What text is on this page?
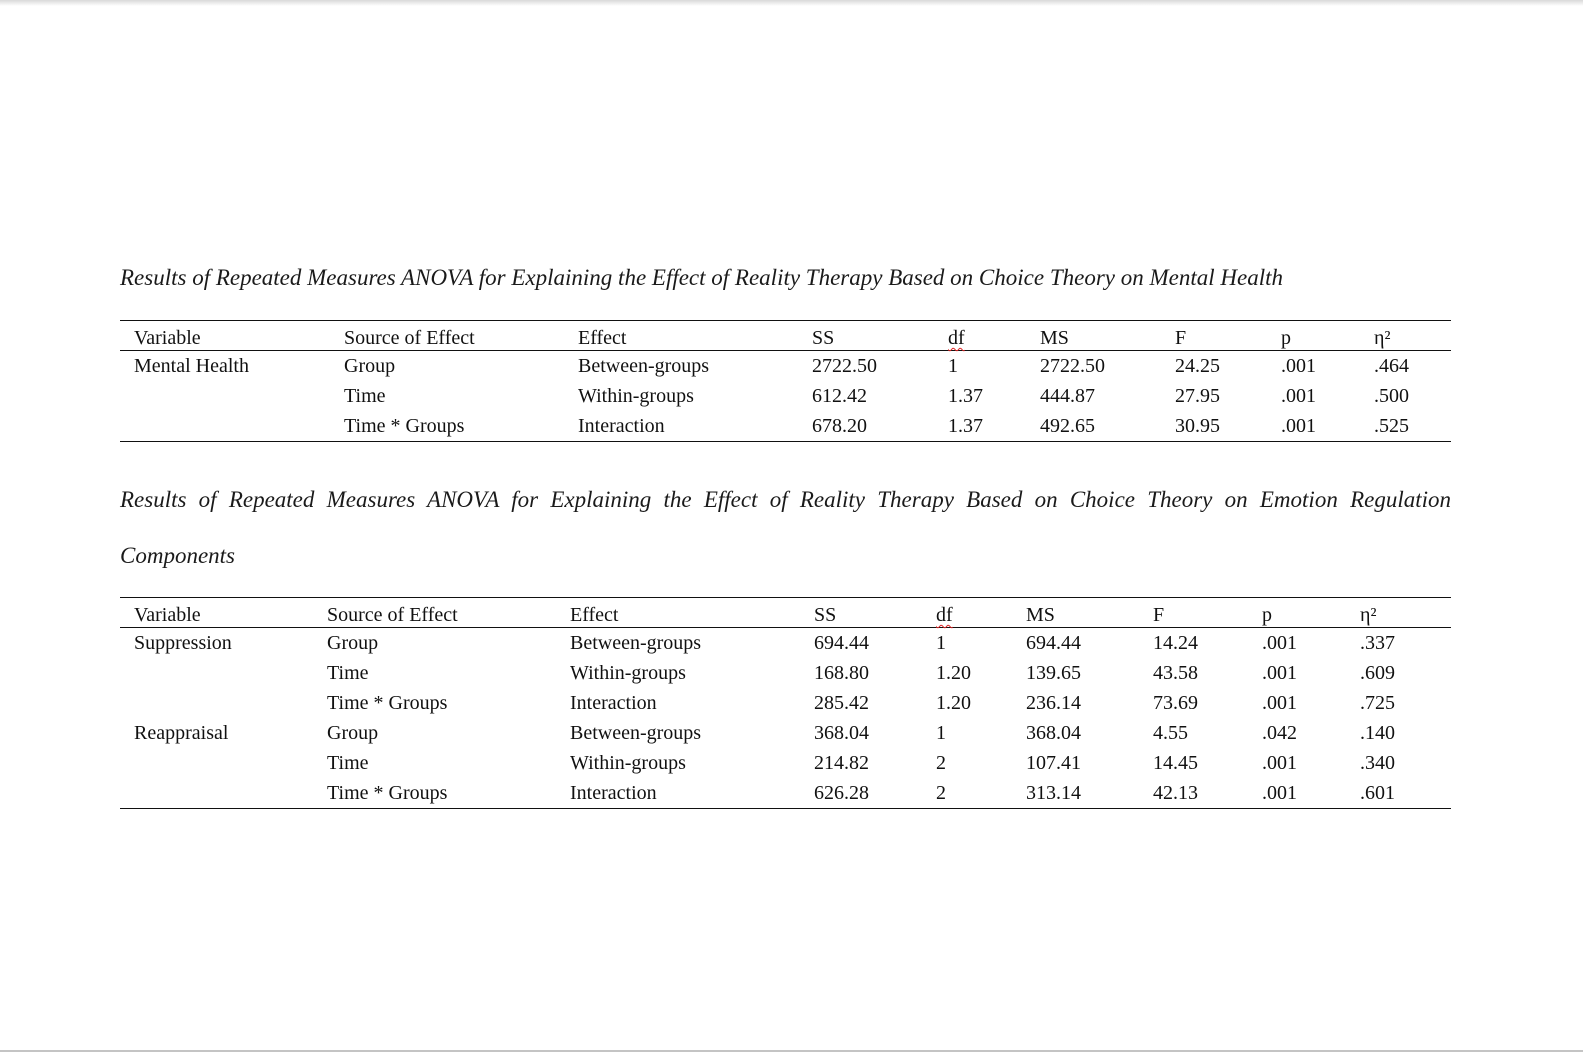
Results of Repeated Measures ANOVA for Explaining the Effect of Reality Therapy Based on Choice Theory on Mental Health
Variable	Source of Effect	Effect	SS	df	MS	F	p	η²
Mental Health	Group	Between-groups	2722.50	1	2722.50	24.25	.001	.464
	Time	Within-groups	612.42	1.37	444.87	27.95	.001	.500
	Time * Groups	Interaction	678.20	1.37	492.65	30.95	.001	.525
Results of Repeated Measures ANOVA for Explaining the Effect of Reality Therapy Based on Choice Theory on Emotion Regulation Components
Variable	Source of Effect	Effect	SS	df	MS	F	p	η²
Suppression	Group	Between-groups	694.44	1	694.44	14.24	.001	.337
	Time	Within-groups	168.80	1.20	139.65	43.58	.001	.609
	Time * Groups	Interaction	285.42	1.20	236.14	73.69	.001	.725
Reappraisal	Group	Between-groups	368.04	1	368.04	4.55	.042	.140
	Time	Within-groups	214.82	2	107.41	14.45	.001	.340
	Time * Groups	Interaction	626.28	2	313.14	42.13	.001	.601
